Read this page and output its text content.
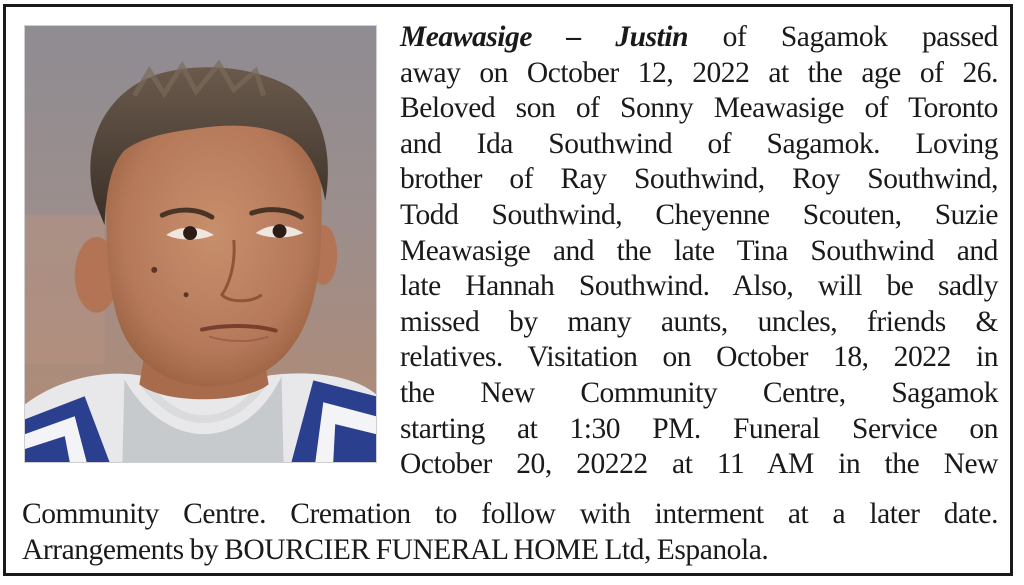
Meawasige – Justin of Sagamok passed
away on October 12, 2022 at the age of 26.
Beloved son of Sonny Meawasige of Toronto
and Ida Southwind of Sagamok. Loving
brother of Ray Southwind, Roy Southwind,
Todd Southwind, Cheyenne Scouten, Suzie
Meawasige and the late Tina Southwind and
late Hannah Southwind. Also, will be sadly
missed by many aunts, uncles, friends &
relatives. Visitation on October 18, 2022 in
the New Community Centre, Sagamok
starting at 1:30 PM. Funeral Service on
October 20, 20222 at 11 AM in the New
Community Centre. Cremation to follow with interment at a later date.
Arrangements by BOURCIER FUNERAL HOME Ltd, Espanola.
